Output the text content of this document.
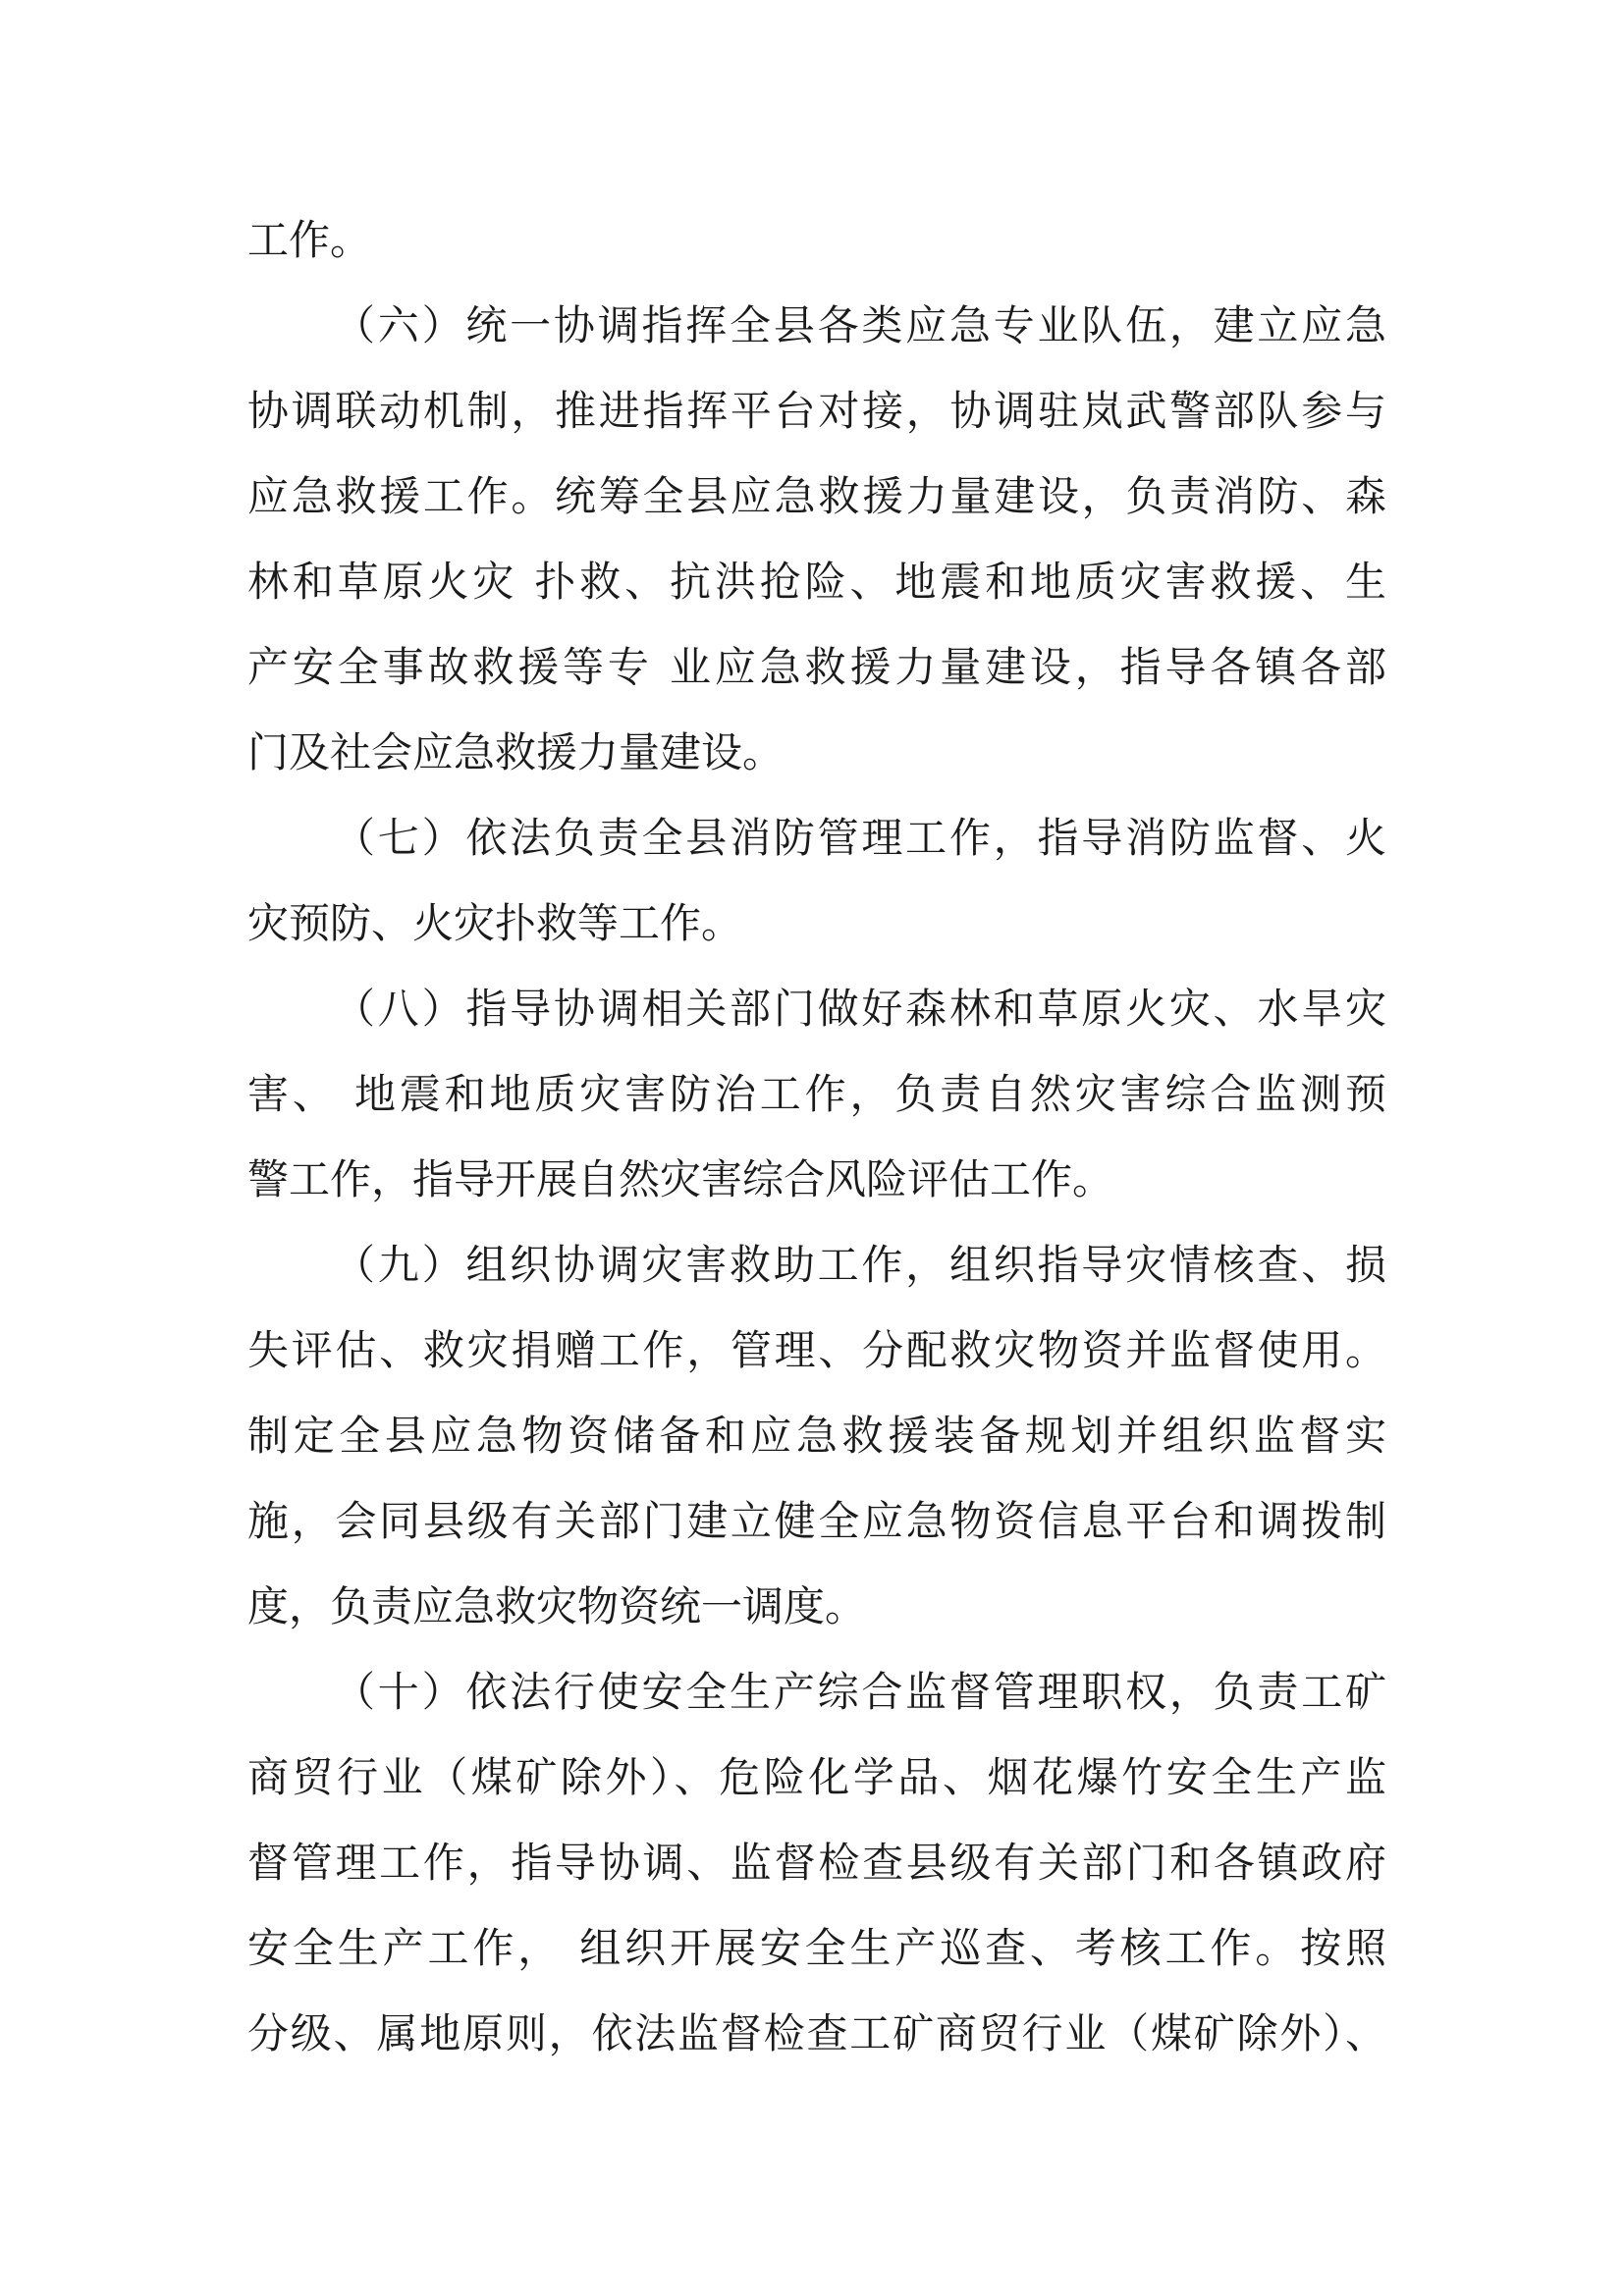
工作。
（六）统一协调指挥全县各类应急专业队伍，建立应急
协调联动机制，推进指挥平台对接，协调驻岚武警部队参与
应急救援工作。统筹全县应急救援力量建设，负责消防、森
林和草原火灾 扑救、抗洪抢险、地震和地质灾害救援、生
产安全事故救援等专 业应急救援力量建设，指导各镇各部
门及社会应急救援力量建设。
（七）依法负责全县消防管理工作，指导消防监督、火
灾预防、火灾扑救等工作。
（八）指导协调相关部门做好森林和草原火灾、水旱灾
害、 地震和地质灾害防治工作，负责自然灾害综合监测预
警工作，指导开展自然灾害综合风险评估工作。
（九）组织协调灾害救助工作，组织指导灾情核查、损
失评估、救灾捐赠工作，管理、分配救灾物资并监督使用。
制定全县应急物资储备和应急救援装备规划并组织监督实
施，会同县级有关部门建立健全应急物资信息平台和调拨制
度，负责应急救灾物资统一调度。
（十）依法行使安全生产综合监督管理职权，负责工矿
商贸行业（煤矿除外）、危险化学品、烟花爆竹安全生产监
督管理工作，指导协调、监督检查县级有关部门和各镇政府
安全生产工作， 组织开展安全生产巡查、考核工作。按照
分级、属地原则，依法监督检查工矿商贸行业（煤矿除外）、
